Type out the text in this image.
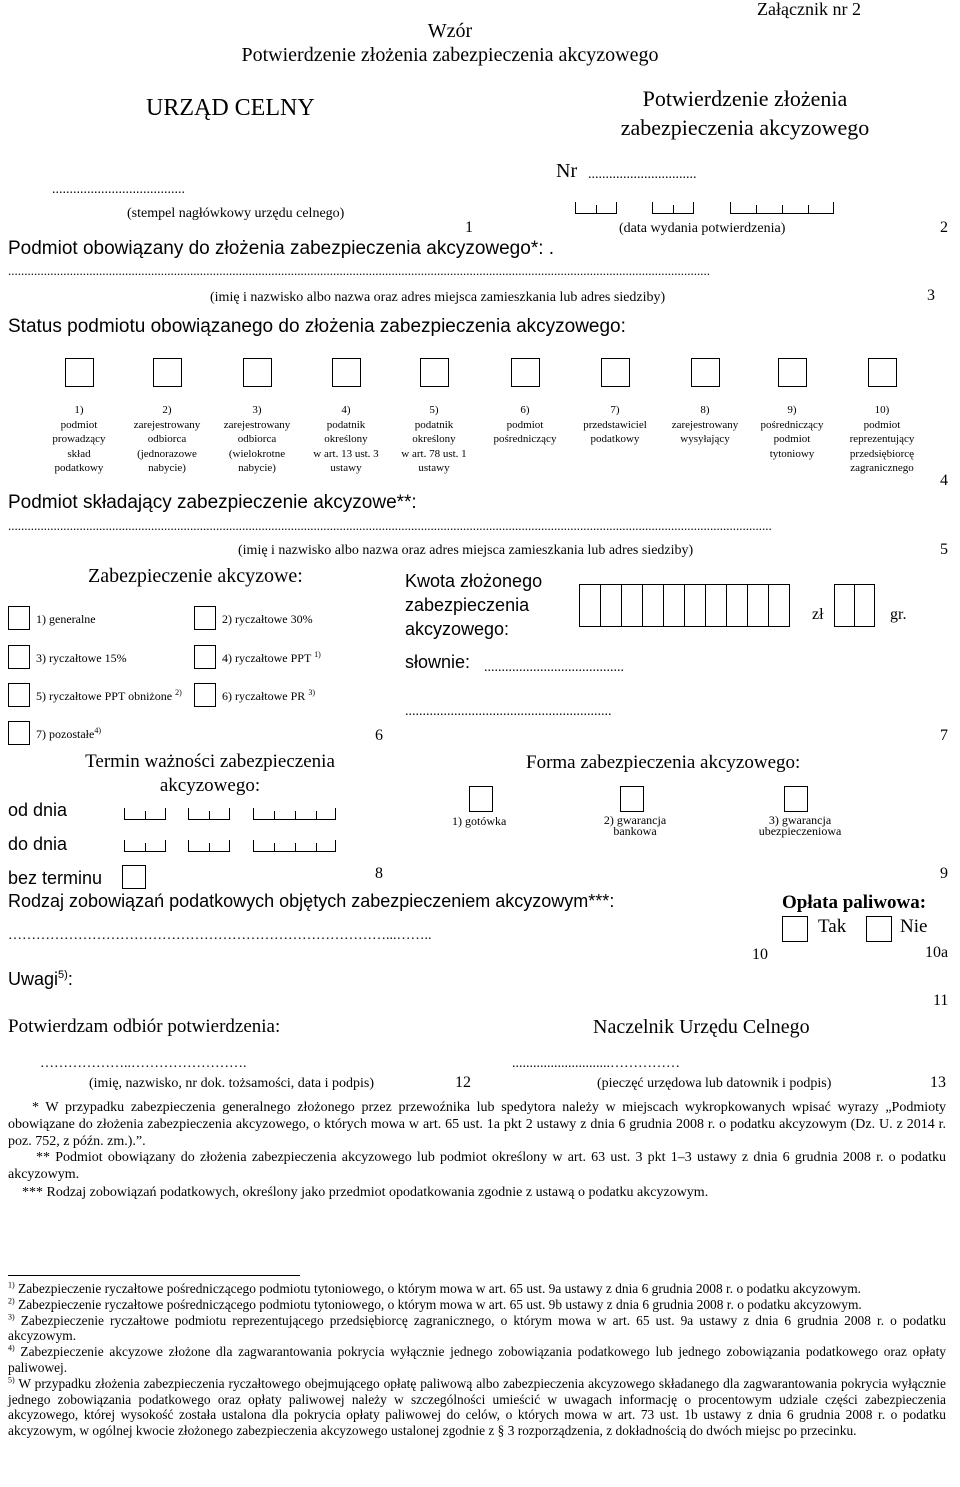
Załącznik nr 2
Wzór
Potwierdzenie złożenia zabezpieczenia akcyzowego
URZĄD CELNY
......................................
(stempel nagłówkowy urzędu celnego)
1
Potwierdzenie złożenia
zabezpieczenia akcyzowego
Nr ...............................
(data wydania potwierdzenia)	2
Podmiot obowiązany do złożenia zabezpieczenia akcyzowego*: .
........................................................................................................................................................................................................................
(imię i nazwisko albo nazwa oraz adres miejsca zamieszkania lub adres siedziby)	3
Status podmiotu obowiązanego do złożenia zabezpieczenia akcyzowego:
1)
podmiot
prowadzący
skład
podatkowy
2)
zarejestrowany
odbiorca
(jednorazowe
nabycie)
3)
zarejestrowany
odbiorca
(wielokrotne
nabycie)
4)
podatnik
określony
w art. 13 ust. 3
ustawy
5)
podatnik
określony
w art. 78 ust. 1
ustawy
6)
podmiot
pośredniczący
7)
przedstawiciel
podatkowy
8)
zarejestrowany
wysyłający
9)
pośredniczący
podmiot
tytoniowy
10)
podmiot
reprezentujący
przedsiębiorcę
zagranicznego
4
Podmiot składający zabezpieczenie akcyzowe**:
...........................................................................................................................................................................................................................................
(imię i nazwisko albo nazwa oraz adres miejsca zamieszkania lub adres siedziby)	5
Zabezpieczenie akcyzowe:
1) generalne	2) ryczałtowe 30%
3) ryczałtowe 15%	4) ryczałtowe PPT $^{1)}$
5) ryczałtowe PPT obniżone $^{2)}$	6) ryczałtowe PR $^{3)}$
7) pozostałe$^{4)}$	6
Kwota złożonego
zabezpieczenia
akcyzowego:
zł	gr.
słownie: ........................................
...........................................................
7
Termin ważności zabezpieczenia
akcyzowego:
od dnia
do dnia
bez terminu	8
Forma zabezpieczenia akcyzowego:
1) gotówka	2) gwarancja
bankowa
3) gwarancja
ubezpieczeniowa
9
Rodzaj zobowiązań podatkowych objętych zabezpieczeniem akcyzowym***:
………………………………………………………………………...……..
10
Opłata paliwowa:
Tak	Nie
10a
Uwagi$^{5)}$:
11
Potwierdzam odbiór potwierdzenia:
………………..…………………….
(imię, nazwisko, nr dok. tożsamości, data i podpis)	12
Naczelnik Urzędu Celnego
............................……………
(pieczęć urzędowa lub datownik i podpis)	13
* W przypadku zabezpieczenia generalnego złożonego przez przewoźnika lub spedytora należy w miejscach wykropkowanych wpisać wyrazy „Podmioty obowiązane do złożenia zabezpieczenia akcyzowego, o których mowa w art. 65 ust. 1a pkt 2 ustawy z dnia 6 grudnia 2008 r. o podatku akcyzowym (Dz. U. z 2014 r. poz. 752, z późn. zm.).”.
** Podmiot obowiązany do złożenia zabezpieczenia akcyzowego lub podmiot określony w art. 63 ust. 3 pkt 1–3 ustawy z dnia 6 grudnia 2008 r. o podatku akcyzowym.
*** Rodzaj zobowiązań podatkowych, określony jako przedmiot opodatkowania zgodnie z ustawą o podatku akcyzowym.
$^{1)}$ Zabezpieczenie ryczałtowe pośredniczącego podmiotu tytoniowego, o którym mowa w art. 65 ust. 9a ustawy z dnia 6 grudnia 2008 r. o podatku akcyzowym.
$^{2)}$ Zabezpieczenie ryczałtowe pośredniczącego podmiotu tytoniowego, o którym mowa w art. 65 ust. 9b ustawy z dnia 6 grudnia 2008 r. o podatku akcyzowym.
$^{3)}$ Zabezpieczenie ryczałtowe podmiotu reprezentującego przedsiębiorcę zagranicznego, o którym mowa w art. 65 ust. 9a ustawy z dnia 6 grudnia 2008 r. o podatku akcyzowym.
$^{4)}$ Zabezpieczenie akcyzowe złożone dla zagwarantowania pokrycia wyłącznie jednego zobowiązania podatkowego lub jednego zobowiązania podatkowego oraz opłaty paliwowej.
$^{5)}$ W przypadku złożenia zabezpieczenia ryczałtowego obejmującego opłatę paliwową albo zabezpieczenia akcyzowego składanego dla zagwarantowania pokrycia wyłącznie jednego zobowiązania podatkowego oraz opłaty paliwowej należy w szczególności umieścić w uwagach informację o procentowym udziale części zabezpieczenia akcyzowego, której wysokość została ustalona dla pokrycia opłaty paliwowej do celów, o których mowa w art. 73 ust. 1b ustawy z dnia 6 grudnia 2008 r. o podatku akcyzowym, w ogólnej kwocie złożonego zabezpieczenia akcyzowego ustalonej zgodnie z § 3 rozporządzenia, z dokładnością do dwóch miejsc po przecinku.
